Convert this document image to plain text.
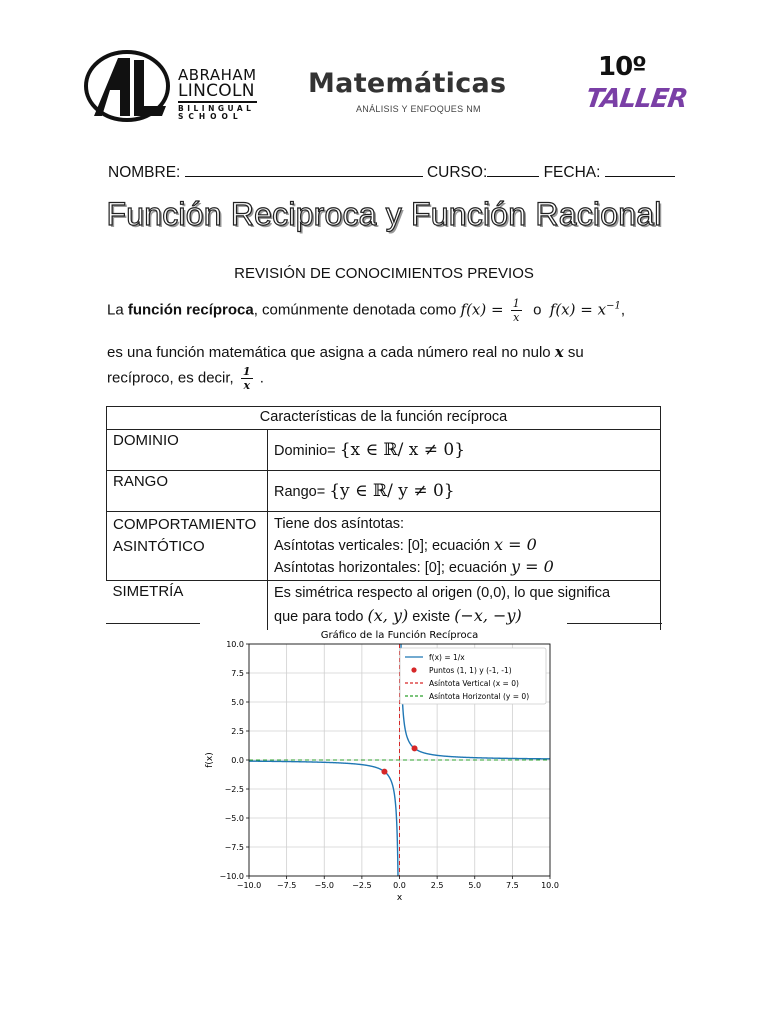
ABRAHAM
LINCOLN
BILINGUAL
SCHOOL
Matemáticas
ANÁLISIS Y ENFOQUES NM
10º
TALLER
NOMBRE:	CURSO:	FECHA:
Función Reciproca y Función Racional
REVISIÓN DE CONOCIMIENTOS PREVIOS
La función recíproca, comúnmente denotada como $f(x) = \frac{1}{x}$ o $f(x) = x^{-1}$,
es una función matemática que asigna a cada número real no nulo x su
recíproco, es decir, $\frac{1}{x}$ .
Características de la función recíproca	
DOMINIO	Dominio= {x ∈ ℝ/ x ≠ 0}
RANGO	Rango= {y ∈ ℝ/ y ≠ 0}
COMPORTAMIENTO
ASINTÓTICO	Tiene dos asíntotas:
Asíntotas verticales: [0]; ecuación x = 0
Asíntotas horizontales: [0]; ecuación y = 0
SIMETRÍA	Es simétrica respecto al origen (0,0), lo que significa
que para todo (x, y) existe (−x, −y)
−10.0 −7.5 −5.0 −2.5	0.0	2.5	5.0	7.5	10.0
−10.0
−7.5
−5.0
−2.5
0.0
2.5
5.0
7.5
10.0
Gráfico de la Función Recíproca
x
f(x)
f(x) = 1/x
Puntos (1, 1) y (-1, -1)
Asíntota Vertical (x = 0)
Asíntota Horizontal (y = 0)
